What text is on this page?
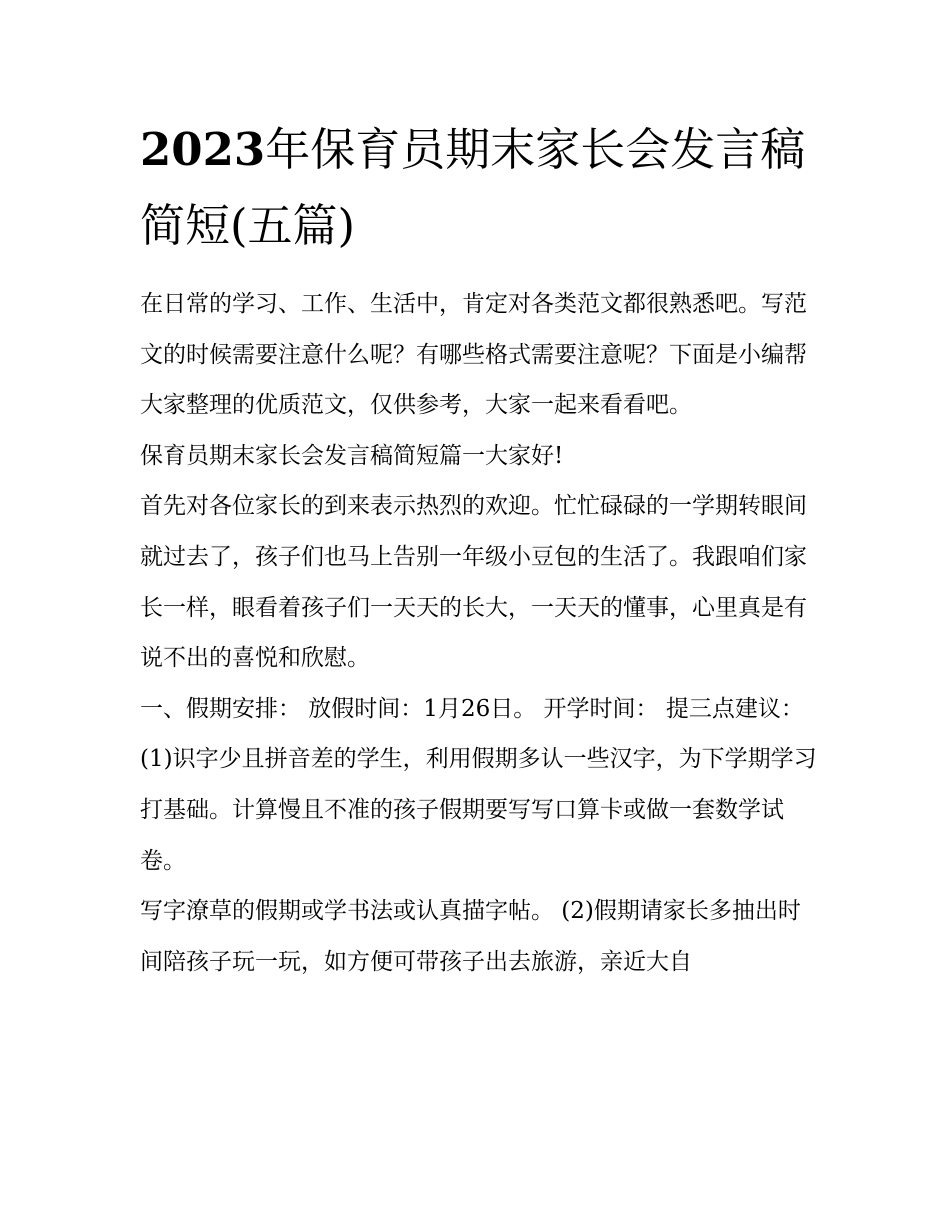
2023年保育员期末家长会发言稿简短(五篇)

在日常的学习、工作、生活中，肯定对各类范文都很熟悉吧。写范文的时候需要注意什么呢？有哪些格式需要注意呢？下面是小编帮大家整理的优质范文，仅供参考，大家一起来看看吧。

保育员期末家长会发言稿简短篇一大家好!

首先对各位家长的到来表示热烈的欢迎。忙忙碌碌的一学期转眼间就过去了，孩子们也马上告别一年级小豆包的生活了。我跟咱们家长一样，眼看着孩子们一天天的长大，一天天的懂事，心里真是有说不出的喜悦和欣慰。

一、假期安排： 放假时间：1月26日。 开学时间： 提三点建议：

(1)识字少且拼音差的学生，利用假期多认一些汉字，为下学期学习打基础。计算慢且不准的孩子假期要写写口算卡或做一套数学试卷。

写字潦草的假期或学书法或认真描字帖。 (2)假期请家长多抽出时间陪孩子玩一玩，如方便可带孩子出去旅游，亲近大自
